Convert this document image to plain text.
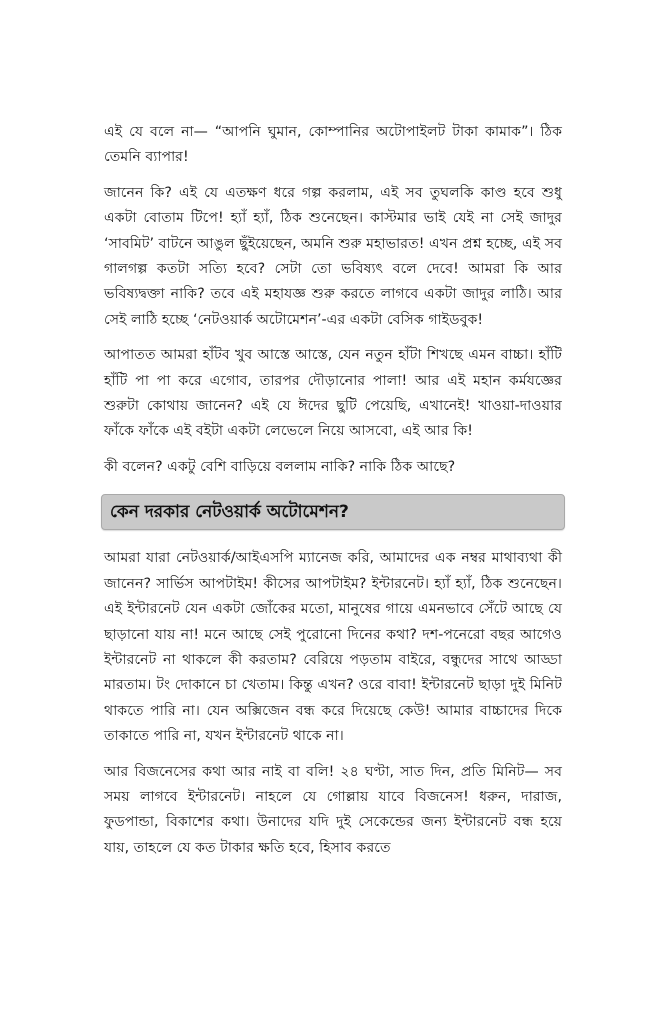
এই যে বলে না— “আপনি ঘুমান, কোম্পানির অটোপাইলট টাকা কামাক”। ঠিক তেমনি ব্যাপার!

জানেন কি? এই যে এতক্ষণ ধরে গল্প করলাম, এই সব তুঘলকি কাণ্ড হবে শুধু একটা বোতাম টিপে! হ্যাঁ হ্যাঁ, ঠিক শুনেছেন। কাস্টমার ভাই যেই না সেই জাদুর ‘সাবমিট’ বাটনে আঙুল ছুঁইয়েছেন, অমনি শুরু মহাভারত! এখন প্রশ্ন হচ্ছে, এই সব গালগল্প কতটা সত্যি হবে? সেটা তো ভবিষ্যৎ বলে দেবে! আমরা কি আর ভবিষ্যদ্বক্তা নাকি? তবে এই মহাযজ্ঞ শুরু করতে লাগবে একটা জাদুর লাঠি। আর সেই লাঠি হচ্ছে ‘নেটওয়ার্ক অটোমেশন’-এর একটা বেসিক গাইডবুক!

আপাতত আমরা হাঁটব খুব আস্তে আস্তে, যেন নতুন হাঁটা শিখছে এমন বাচ্চা। হাঁটি হাঁটি পা পা করে এগোব, তারপর দৌড়ানোর পালা! আর এই মহান কর্মযজ্ঞের শুরুটা কোথায় জানেন? এই যে ঈদের ছুটি পেয়েছি, এখানেই! খাওয়া-দাওয়ার ফাঁকে ফাঁকে এই বইটা একটা লেভেলে নিয়ে আসবো, এই আর কি!

কী বলেন? একটু বেশি বাড়িয়ে বললাম নাকি? নাকি ঠিক আছে?

কেন দরকার নেটওয়ার্ক অটোমেশন?

আমরা যারা নেটওয়ার্ক/আইএসপি ম্যানেজ করি, আমাদের এক নম্বর মাথাব্যথা কী জানেন? সার্ভিস আপটাইম! কীসের আপটাইম? ইন্টারনেট। হ্যাঁ হ্যাঁ, ঠিক শুনেছেন। এই ইন্টারনেট যেন একটা জোঁকের মতো, মানুষের গায়ে এমনভাবে সেঁটে আছে যে ছাড়ানো যায় না! মনে আছে সেই পুরোনো দিনের কথা? দশ-পনেরো বছর আগেও ইন্টারনেট না থাকলে কী করতাম? বেরিয়ে পড়তাম বাইরে, বন্ধুদের সাথে আড্ডা মারতাম। টং দোকানে চা খেতাম। কিন্তু এখন? ওরে বাবা! ইন্টারনেট ছাড়া দুই মিনিট থাকতে পারি না। যেন অক্সিজেন বন্ধ করে দিয়েছে কেউ! আমার বাচ্চাদের দিকে তাকাতে পারি না, যখন ইন্টারনেট থাকে না।

আর বিজনেসের কথা আর নাই বা বলি! ২৪ ঘণ্টা, সাত দিন, প্রতি মিনিট— সব সময় লাগবে ইন্টারনেট। নাহলে যে গোল্লায় যাবে বিজনেস! ধরুন, দারাজ, ফুডপান্ডা, বিকাশের কথা। উনাদের যদি দুই সেকেন্ডের জন্য ইন্টারনেট বন্ধ হয়ে যায়, তাহলে যে কত টাকার ক্ষতি হবে, হিসাব করতে
